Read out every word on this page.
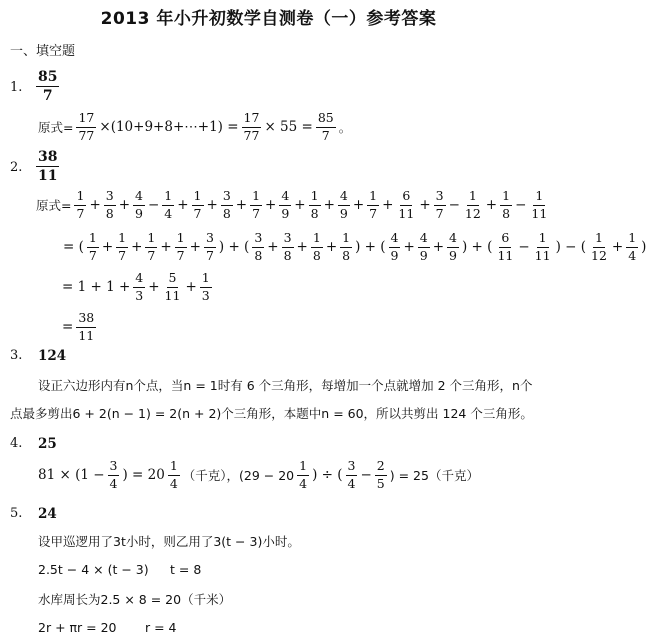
2013 年小升初数学自测卷（一）参考答案
一、填空题
1. $\frac{85}{7}$
原式= $\frac{17}{77}$ ×(10+9+8+⋯+1) = $\frac{17}{77} \times 55 = \frac{85}{7}$ 。
2. $\frac{38}{11}$
原式= $\frac{1}{7} + \frac{3}{8} + \frac{4}{9} - \frac{1}{4} + \frac{1}{7} + \frac{3}{8} + \frac{1}{7} + \frac{4}{9} + \frac{1}{8} + \frac{4}{9} + \frac{1}{7} + \frac{6}{11} + \frac{3}{7} - \frac{1}{12} + \frac{1}{8} - \frac{1}{11}$
= ( $\frac{1}{7} + \frac{1}{7} + \frac{1}{7} + \frac{1}{7} + \frac{3}{7}$ ) + ( $\frac{3}{8} + \frac{3}{8} + \frac{1}{8} + \frac{1}{8}$ ) + ( $\frac{4}{9} + \frac{4}{9} + \frac{4}{9}$ ) + ( $\frac{6}{11} - \frac{1}{11}$ ) − ( $\frac{1}{12} + \frac{1}{4}$ )
= $1 + 1 + \frac{4}{3} + \frac{5}{11} + \frac{1}{3}$
= $\frac{38}{11}$
3. 124
设正六边形内有n个点，当n = 1时有 6 个三角形，每增加一个点就增加 2 个三角形，n个
点最多剪出6 + 2(n − 1) = 2(n + 2)个三角形，本题中n = 60，所以共剪出 124 个三角形。
4. 25
$81 \times (1 - \frac{3}{4}$ ) = $20 \frac{1}{4}$ （千克），($29 - 20 \frac{1}{4}$ ) ÷ ( $\frac{3}{4} - \frac{2}{5}$ ) = 25（千克）
5. 24
设甲巡逻用了3t小时，则乙用了3(t − 3)小时。
2.5t − 4 × (t − 3) t = 8
水库周长为2.5 × 8 = 20（千米）
2r + πr = 20 r = 4
